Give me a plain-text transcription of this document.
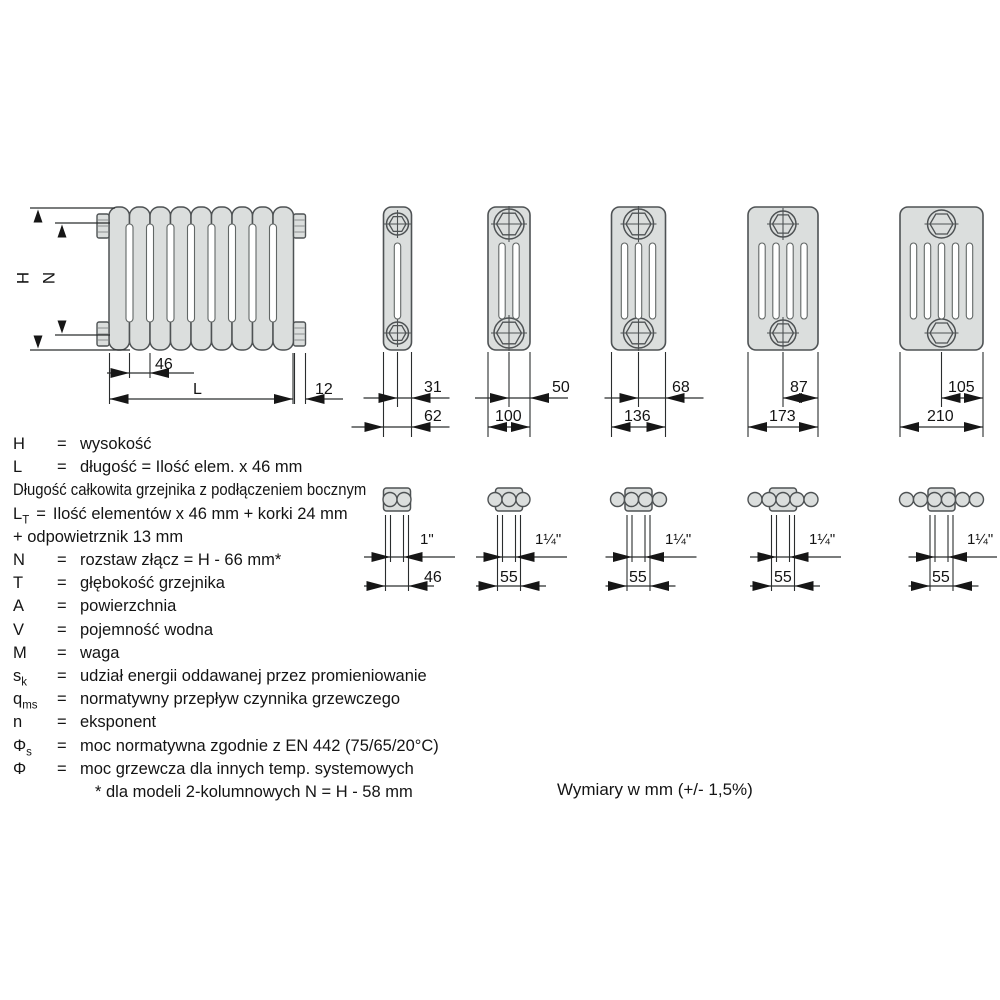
H N
46
L	12
H = wysokość
L = długość = Ilość elem. x 46 mm
Długość całkowita grzejnika z podłączeniem bocznym
$L_T$ = Ilość elementów x 46 mm + korki 24 mm
+ odpowietrznik 13 mm
N = rozstaw złącz = H - 66 mm*
T = głębokość grzejnika
A = powierzchnia
V = pojemność wodna
M = waga
$s_k$ = udział energii oddawanej przez promieniowanie
$q_{ms}$ = normatywny przepływ czynnika grzewczego
n = eksponent
$\Phi_s$ = moc normatywna zgodnie z EN 442 (75/65/20°C)
Φ = moc grzewcza dla innych temp. systemowych
* dla modeli 2-kolumnowych N = H - 58 mm	Wymiary w mm (+/- 1,5%)
31
62
50
100
68
136
87
173
105
210
1"
46
1¼"
55
1¼"
55
1¼"
55
1¼"
55
